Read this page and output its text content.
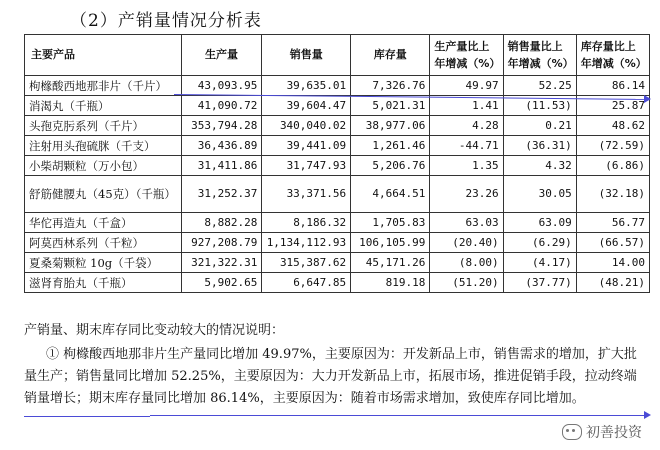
（2）产销量情况分析表
主要产品	生产量	销售量	库存量	生产量比上年增减（%）	销售量比上年增减（%）	库存量比上年增减（%）
枸橼酸西地那非片（千片）	43,093.95	39,635.01	7,326.76	49.97	52.25	86.14
消渴丸（千瓶）	41,090.72	39,604.47	5,021.31	1.41	(11.53)	25.87
头孢克肟系列（千片）	353,794.28	340,040.02	38,977.06	4.28	0.21	48.62
注射用头孢硫脒（千支）	36,436.89	39,441.09	1,261.46	-44.71	(36.31)	(72.59)
小柴胡颗粒（万小包）	31,411.86	31,747.93	5,206.76	1.35	4.32	(6.86)
舒筋健腰丸（45克）（千瓶）	31,252.37	33,371.56	4,664.51	23.26	30.05	(32.18)
华佗再造丸（千盒）	8,882.28	8,186.32	1,705.83	63.03	63.09	56.77
阿莫西林系列（千粒）	927,208.79	1,134,112.93	106,105.99	(20.40)	(6.29)	(66.57)
夏桑菊颗粒 10g（千袋）	321,322.31	315,387.62	45,171.26	(8.00)	(4.17)	14.00
滋肾育胎丸（千瓶）	5,902.65	6,647.85	819.18	(51.20)	(37.77)	(48.21)
产销量、期末库存同比变动较大的情况说明：
① 枸橼酸西地那非片生产量同比增加 49.97%，主要原因为：开发新品上市，销售需求的增加，扩大批量生产；销售量同比增加 52.25%，主要原因为：大力开发新品上市，拓展市场，推进促销手段，拉动终端销量增长；期末库存量同比增加 86.14%，主要原因为：随着市场需求增加，致使库存同比增加。
初善投资
